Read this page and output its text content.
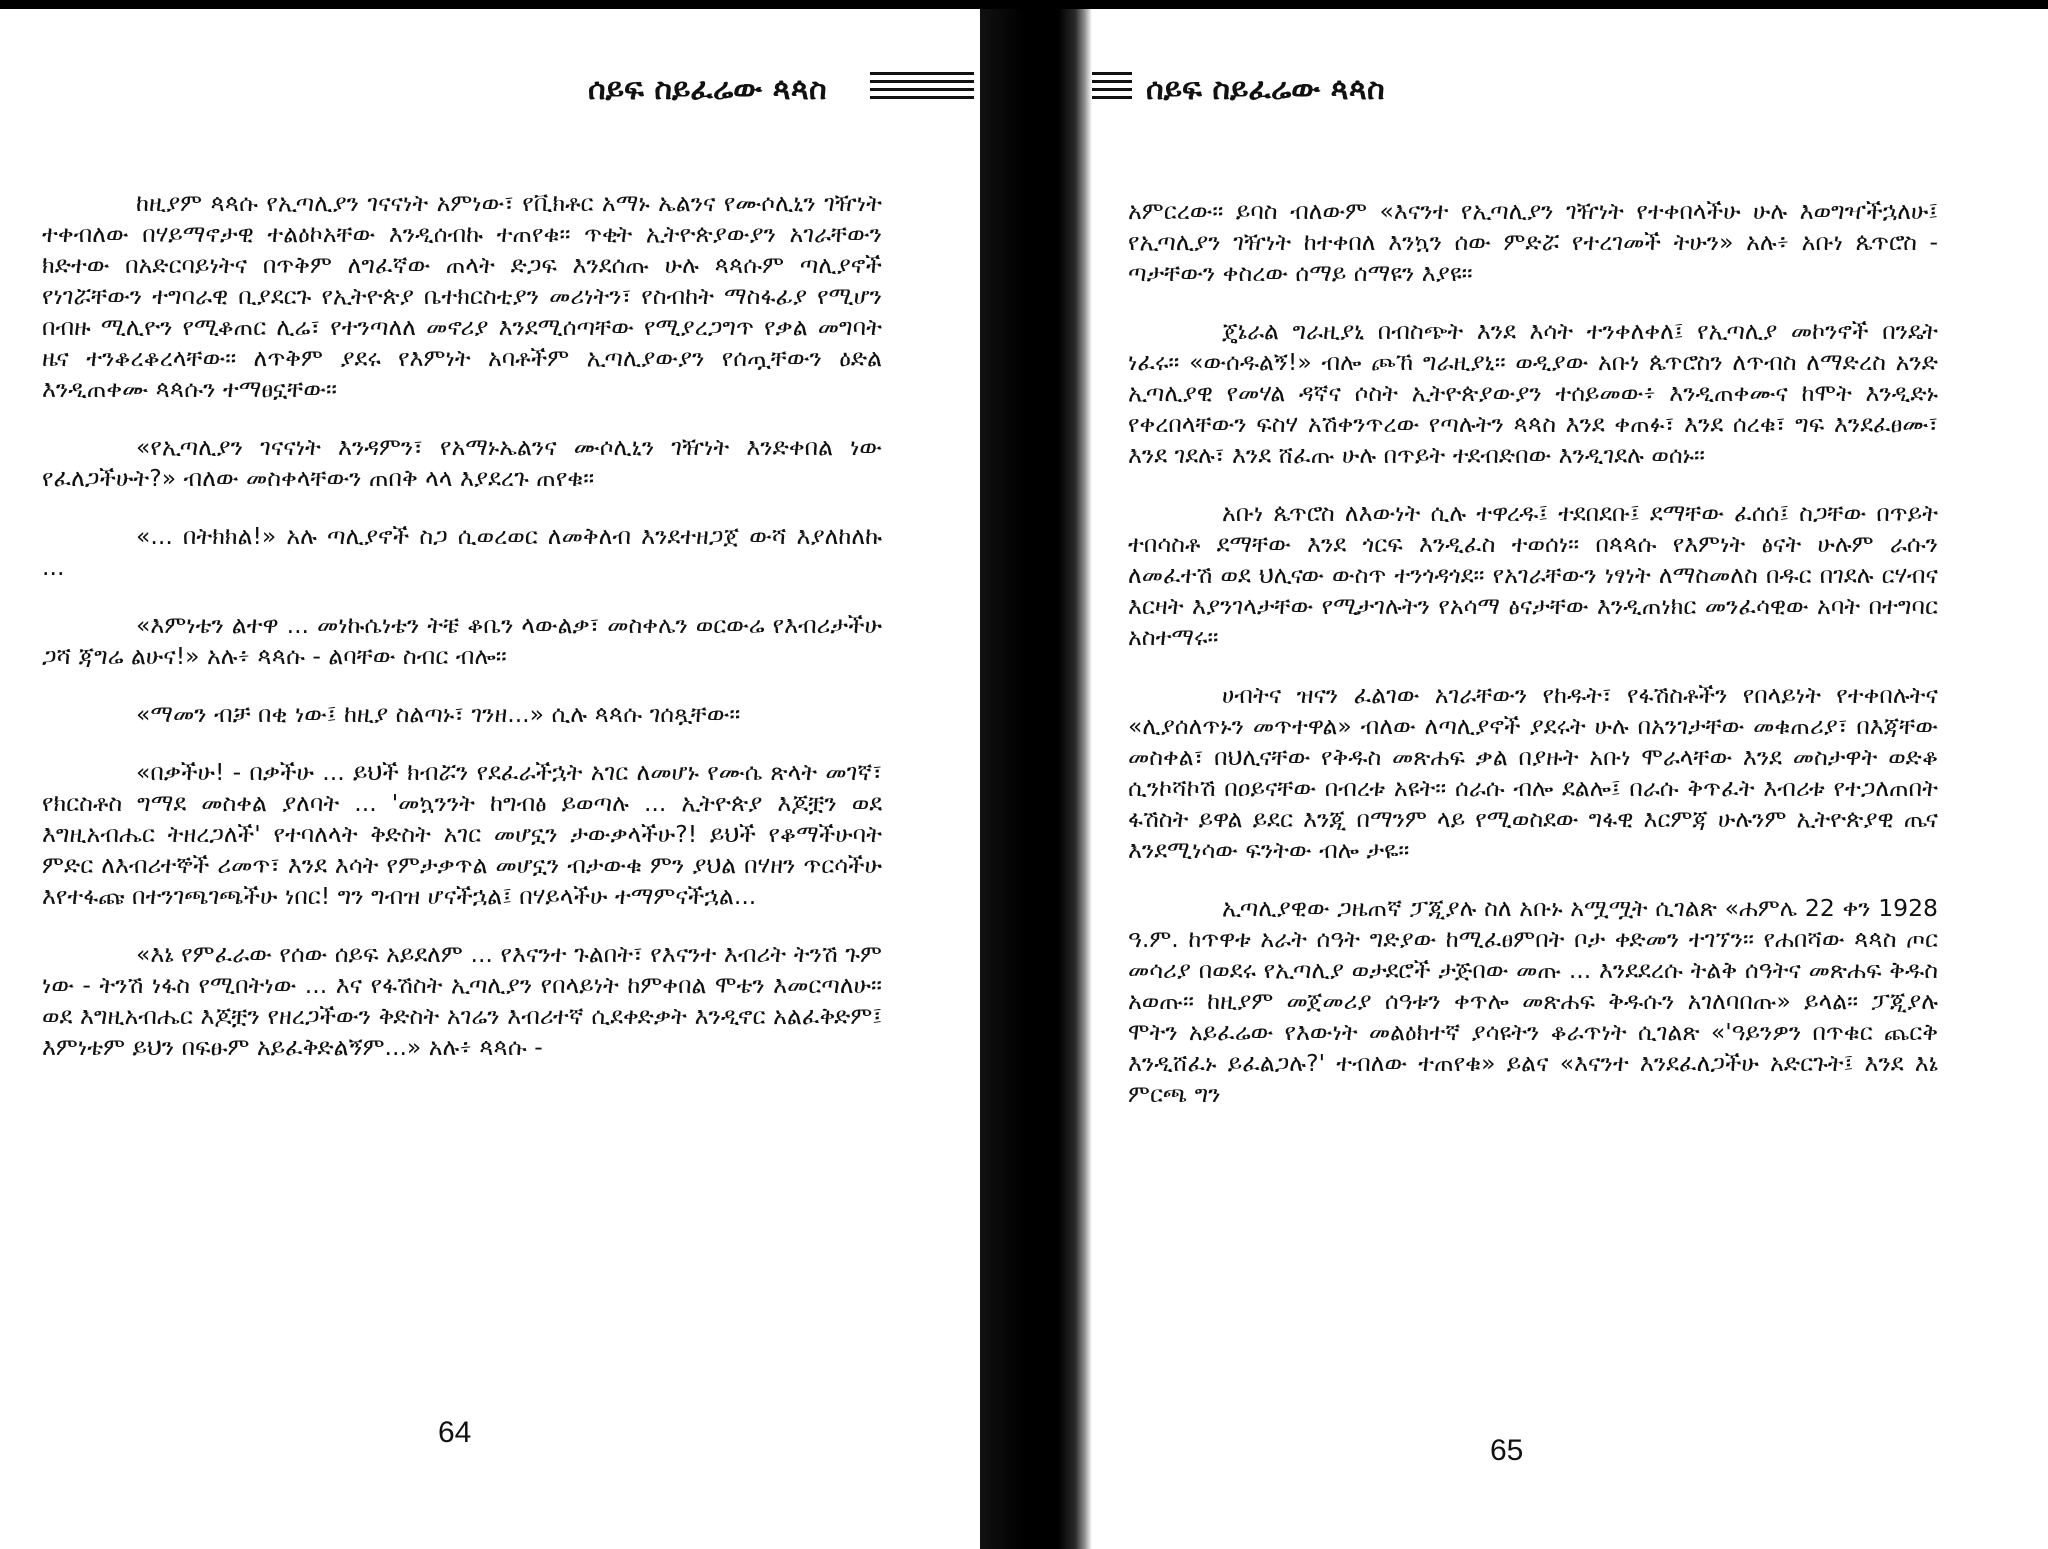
ሰይፍ ስይፈሬው ጳጳስ

ከዚያም ጳጳሱ የኢጣሊያን ገናናነት አምነው፣ የቪክቶር አማኑ ኤልንና የሙሶሊኒን ገዥነት ተቀብለው በሃይማኖታዊ ተልዕኮአቸው እንዲሰብኩ ተጠየቁ። ጥቂት ኢትዮጵያውያን አገራቸውን ክድተው በአድርባይነትና በጥቅም ለግፈኛው ጠላት ድጋፍ እንደሰጡ ሁሉ ጳጳሱም ጣሊያኖች የነገሯቸውን ተግባራዊ ቢያደርጉ የኢትዮጵያ ቤተክርስቲያን መሪነትን፣ የስብከት ማስፋፊያ የሚሆን በብዙ ሚሊዮን የሚቆጠር ሊሬ፣ የተንጣለለ መኖሪያ እንደሚሰጣቸው የሚያረጋግጥ የቃል መግባት ዜና ተንቆረቆረላቸው። ለጥቅም ያደሩ የእምነት አባቶችም ኢጣሊያውያን የሰጧቸውን ዕድል እንዲጠቀሙ ጳጳሱን ተማፀኗቸው።

«የኢጣሊያን ገናናነት እንዳምን፣ የአማኑኤልንና ሙሶሊኒን ገዥነት እንድቀበል ነው የፈለጋችሁት?» ብለው መስቀላቸውን ጠበቅ ላላ እያደረጉ ጠየቁ።

«... በትክክል!» አሉ ጣሊያኖች ስጋ ሲወረወር ለመቅለብ እንደተዘጋጀ ውሻ እያለከለኩ ...

«እምነቴን ልተዋ ... መነኩሴነቴን ትቼ ቆቤን ላውልቃ፣ መስቀሌን ወርውሬ የእብሪታችሁ ጋሻ ጃግሬ ልሁና!» አሉ፥ ጳጳሱ - ልባቸው ስብር ብሎ።

«ማመን ብቻ በቂ ነው፤ ከዚያ ስልጣኑ፣ ገንዘ...» ሲሉ ጳጳሱ ገሰጿቸው።

«በቃችሁ! - በቃችሁ ... ይህች ክብሯን የደፈራችኋት አገር ለመሆኑ የሙሴ ጽላት መገኛ፣ የክርስቶስ ግማደ መስቀል ያለባት ... 'መኳንንት ከግብፅ ይወጣሉ ... ኢትዮጵያ እጆቿን ወደ እግዚአብሔር ትዘረጋለች' የተባለላት ቅድስት አገር መሆኗን ታውቃላችሁ?! ይህች የቆማችሁባት ምድር ለእብሪተኞች ሪመጥ፣ እንደ እሳት የምታቃጥል መሆኗን ብታውቁ ምን ያህል በሃዘን ጥርሳችሁ እየተፋጩ በተንገጫገጫችሁ ነበር! ግን ግብዝ ሆናችኋል፤ በሃይላችሁ ተማምናችኋል...

«እኔ የምፈራው የሰው ሰይፍ አይደለም ... የእናንተ ጉልበት፣ የእናንተ እብሪት ትንሽ ጉም ነው - ትንሽ ነፋስ የሚበትነው ... እና የፋሽስት ኢጣሊያን የበላይነት ከምቀበል ሞቴን እመርጣለሁ። ወደ እግዚአብሔር እጆቿን የዘረጋችውን ቅድስት አገሬን እብሪተኛ ሲደቀድቃት እንዲኖር አልፈቅድም፤ እምነቴም ይህን በፍፁም አይፈቅድልኝም...» አሉ፥ ጳጳሱ -

64
ሰይፍ ስይፈሬው ጳጳስ

አምርረው። ይባስ ብለውም «እናንተ የኢጣሊያን ገዥነት የተቀበላችሁ ሁሉ እወግዣችኋለሁ፤ የኢጣሊያን ገዥነት ከተቀበለ እንኳን ሰው ምድሯ የተረገመች ትሁን» አሉ፥ አቡነ ጴጥሮስ - ጣታቸውን ቀስረው ሰማይ ሰማዩን እያዩ።

ጄኔራል ግራዚያኒ በብስጭት እንደ እሳት ተንቀለቀለ፤ የኢጣሊያ መኮንኖች በንዴት ነፈሩ። «ውሰዱልኝ!» ብሎ ጮኸ ግራዚያኒ። ወዲያው አቡነ ጴጥሮስን ለጥብስ ለማድረስ አንድ ኢጣሊያዊ የመሃል ዳኛና ሶስት ኢትዮጵያውያን ተሰይመው፥ እንዲጠቀሙና ከሞት እንዲድኑ የቀረበላቸውን ፍስሃ አሽቀንጥረው የጣሉትን ጳጳስ እንደ ቀጠፉ፣ እንደ ሰረቁ፣ ግፍ እንደፈፀሙ፣ እንደ ገደሉ፣ እንደ ሸፈጡ ሁሉ በጥይት ተደብድበው እንዲገደሉ ወሰኑ።

አቡነ ጴጥሮስ ለእውነት ሲሉ ተዋረዱ፤ ተደበደቡ፤ ደማቸው ፈሰሰ፤ ስጋቸው በጥይት ተበሳስቶ ደማቸው እንደ ጎርፍ እንዲፈስ ተወሰነ። በጳጳሱ የእምነት ፅናት ሁሉም ራሱን ለመፈተሽ ወደ ህሊናው ውስጥ ተንጎዳጎደ። የአገራቸውን ነፃነት ለማስመለስ በዱር በገደሉ ርሃብና እርዛት እያንገላታቸው የሚታገሉትን የአሳማ ፅናታቸው እንዲጠነክር መንፈሳዊው አባት በተግባር አስተማሩ።

ሀብትና ዝናን ፈልገው አገራቸውን የከዱት፣ የፋሽስቶችን የበላይነት የተቀበሉትና «ሊያሰለጥኑን መጥተዋል» ብለው ለጣሊያኖች ያደሩት ሁሉ በአንገታቸው መቁጠሪያ፣ በእጃቸው መስቀል፣ በህሊናቸው የቅዱስ መጽሐፍ ቃል በያዙት አቡነ ሞራላቸው እንደ መስታዋት ወድቆ ሲንኮሻኮሽ በዐይናቸው በብረቱ አዩት። ሰራሱ ብሎ ደልሎ፤ በራሱ ቅጥፈት እብሪቱ የተጋለጠበት ፋሽስት ይዋል ይደር እንጂ በማንም ላይ የሚወስደው ግፋዊ እርምጃ ሁሉንም ኢትዮጵያዊ ጤና እንደሚነሳው ፍንትው ብሎ ታዬ።

ኢጣሊያዊው ጋዜጠኛ ፓጂያሉ ስለ አቡኑ አሟሟት ሲገልጽ «ሐምሌ 22 ቀን 1928 ዓ.ም. ከጥዋቱ አራት ሰዓት ግድያው ከሚፈፀምበት ቦታ ቀድመን ተገኘን። የሐበሻው ጳጳስ ጦር መሳሪያ በወደሩ የኢጣሊያ ወታደሮች ታጅበው መጡ ... እንደደረሱ ትልቅ ሰዓትና መጽሐፍ ቅዱስ አወጡ። ከዚያም መጀመሪያ ሰዓቱን ቀጥሎ መጽሐፍ ቅዱሱን አገለባበጡ» ይላል። ፓጂያሉ ሞትን አይፈሬው የእውነት መልዕክተኛ ያሳዩትን ቆራጥነት ሲገልጽ «'ዓይንዎን በጥቁር ጨርቅ እንዲሸፈኑ ይፈልጋሉ?' ተብለው ተጠየቁ» ይልና «እናንተ እንደፈለጋችሁ አድርጉት፤ እንደ እኔ ምርጫ ግን

65
